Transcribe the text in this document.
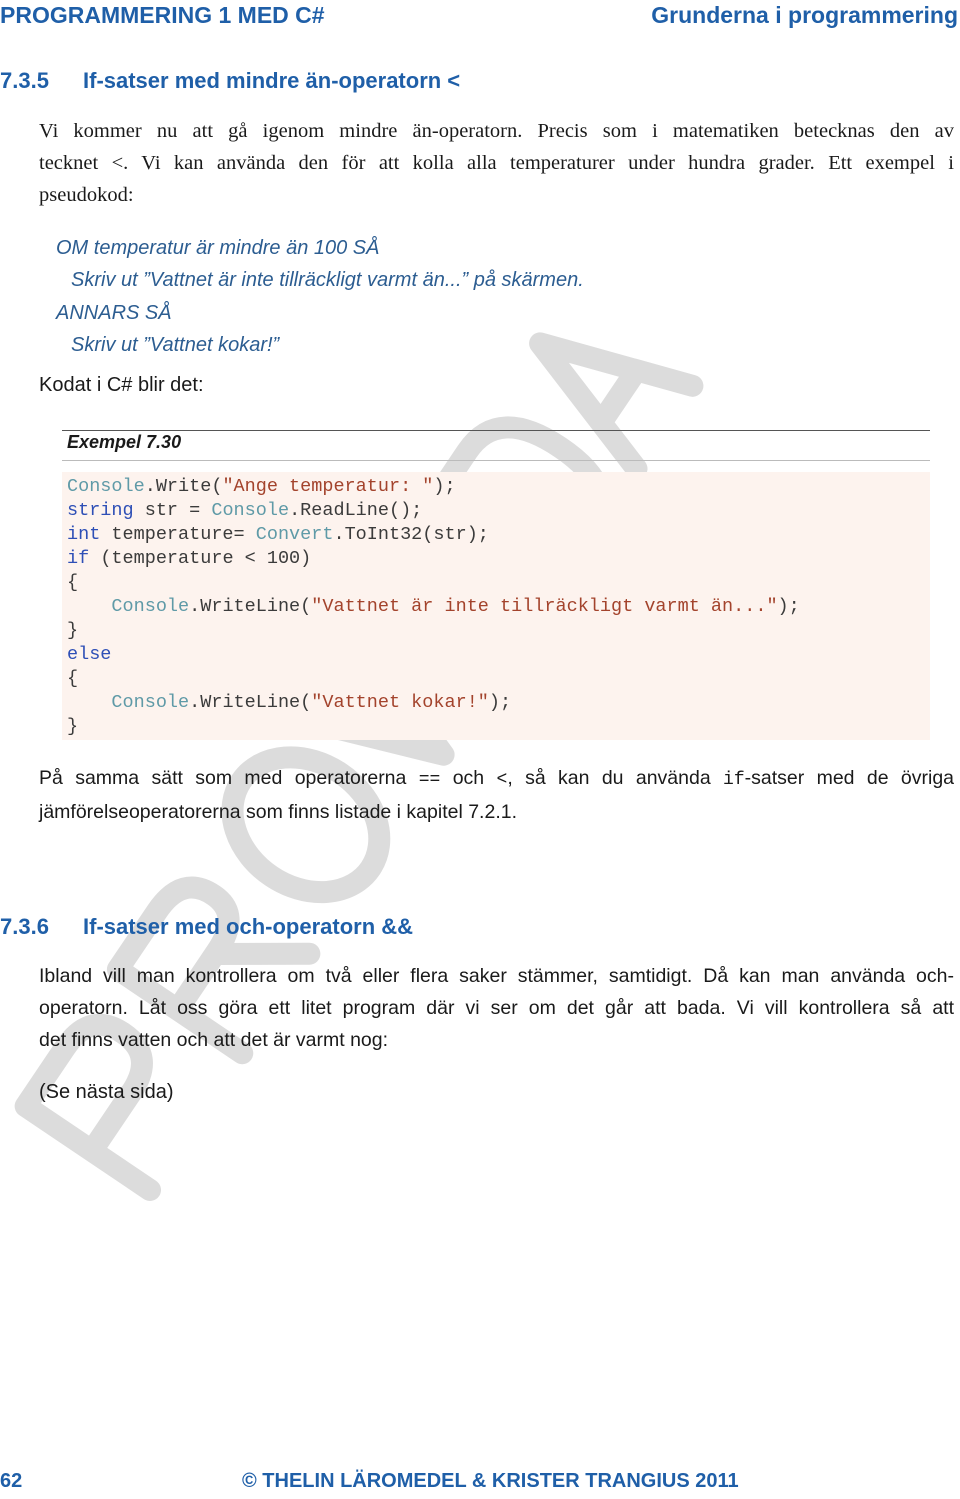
PROGRAMMERING 1 MED C#	Grunderna i programmering
7.3.5 If-satser med mindre än-operatorn <
Vi kommer nu att gå igenom mindre än-operatorn. Precis som i matematiken betecknas den av
tecknet <. Vi kan använda den för att kolla alla temperaturer under hundra grader. Ett exempel i
pseudokod:
OM temperatur är mindre än 100 SÅ
Skriv ut ”Vattnet är inte tillräckligt varmt än...” på skärmen.
ANNARS SÅ
Skriv ut ”Vattnet kokar!”
Kodat i C# blir det:
Exempel 7.30
Console.Write("Ange temperatur: ");
string str = Console.ReadLine();
int temperature= Convert.ToInt32(str);
if (temperature < 100)
{
Console.WriteLine("Vattnet är inte tillräckligt varmt än...");
}
else
{
Console.WriteLine("Vattnet kokar!");
}
På samma sätt som med operatorerna == och <, så kan du använda if-satser med de övriga
jämförelseoperatorerna som finns listade i kapitel 7.2.1.
7.3.6 If-satser med och-operatorn &&
Ibland vill man kontrollera om två eller flera saker stämmer, samtidigt. Då kan man använda och-
operatorn. Låt oss göra ett litet program där vi ser om det går att bada. Vi vill kontrollera så att
det finns vatten och att det är varmt nog:
(Se nästa sida)
62	© THELIN LÄROMEDEL & KRISTER TRANGIUS 2011
